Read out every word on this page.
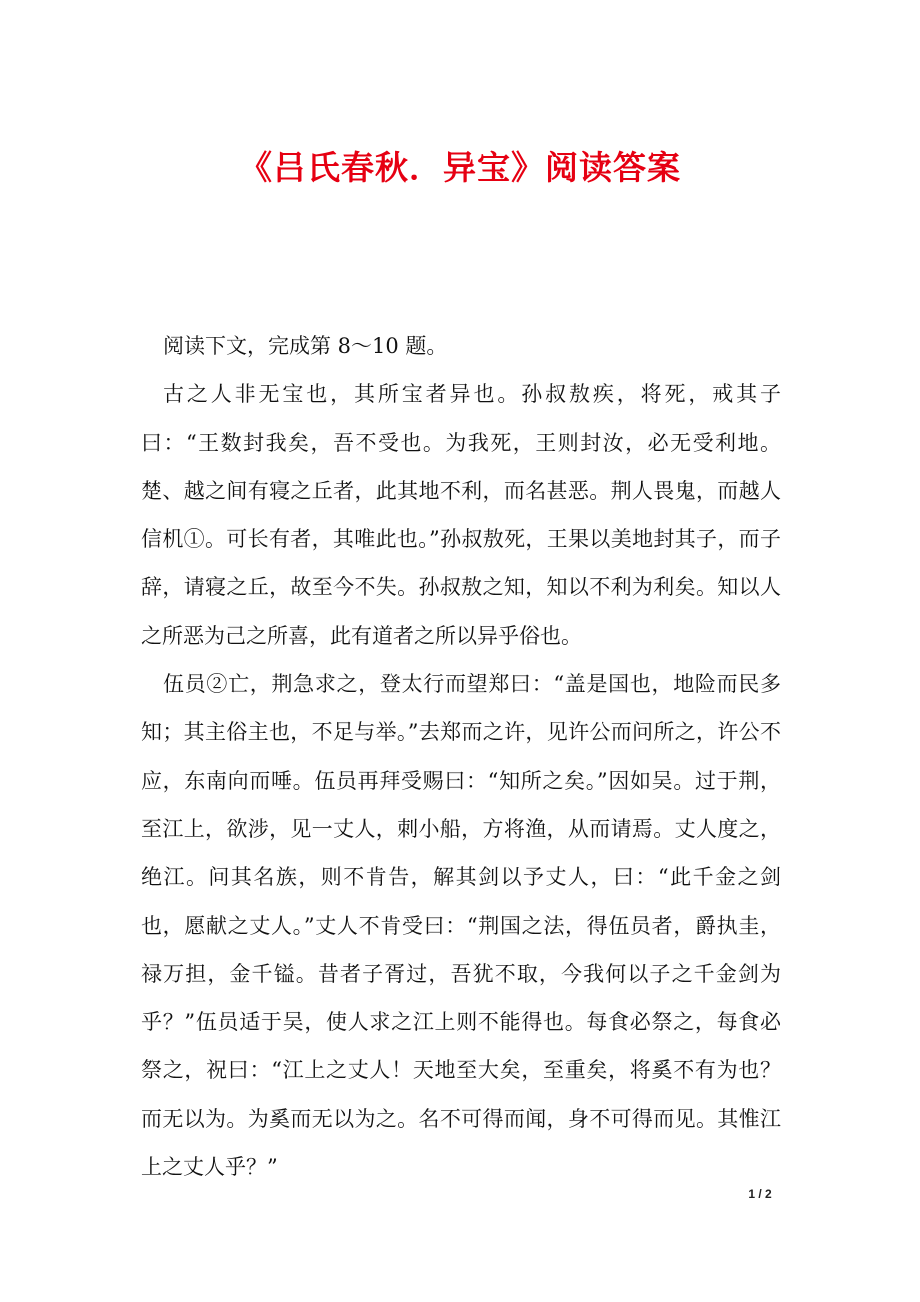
《吕氏春秋．异宝》阅读答案

阅读下文，完成第 8～10 题。

古之人非无宝也，其所宝者异也。孙叔敖疾，将死，戒其子曰：“王数封我矣，吾不受也。为我死，王则封汝，必无受利地。楚、越之间有寝之丘者，此其地不利，而名甚恶。荆人畏鬼，而越人信机①。可长有者，其唯此也。”孙叔敖死，王果以美地封其子，而子辞，请寝之丘，故至今不失。孙叔敖之知，知以不利为利矣。知以人之所恶为己之所喜，此有道者之所以异乎俗也。

伍员②亡，荆急求之，登太行而望郑曰：“盖是国也，地险而民多知；其主俗主也，不足与举。”去郑而之许，见许公而问所之，许公不应，东南向而唾。伍员再拜受赐曰：“知所之矣。”因如吴。过于荆，至江上，欲涉，见一丈人，刺小船，方将渔，从而请焉。丈人度之，绝江。问其名族，则不肯告，解其剑以予丈人，曰：“此千金之剑也，愿献之丈人。”丈人不肯受曰：“荆国之法，得伍员者，爵执圭，禄万担，金千镒。昔者子胥过，吾犹不取，今我何以子之千金剑为乎？”伍员适于吴，使人求之江上则不能得也。每食必祭之，每食必祭之，祝曰：“江上之丈人！天地至大矣，至重矣，将奚不有为也？而无以为。为奚而无以为之。名不可得而闻，身不可得而见。其惟江上之丈人乎？”

1 / 2
